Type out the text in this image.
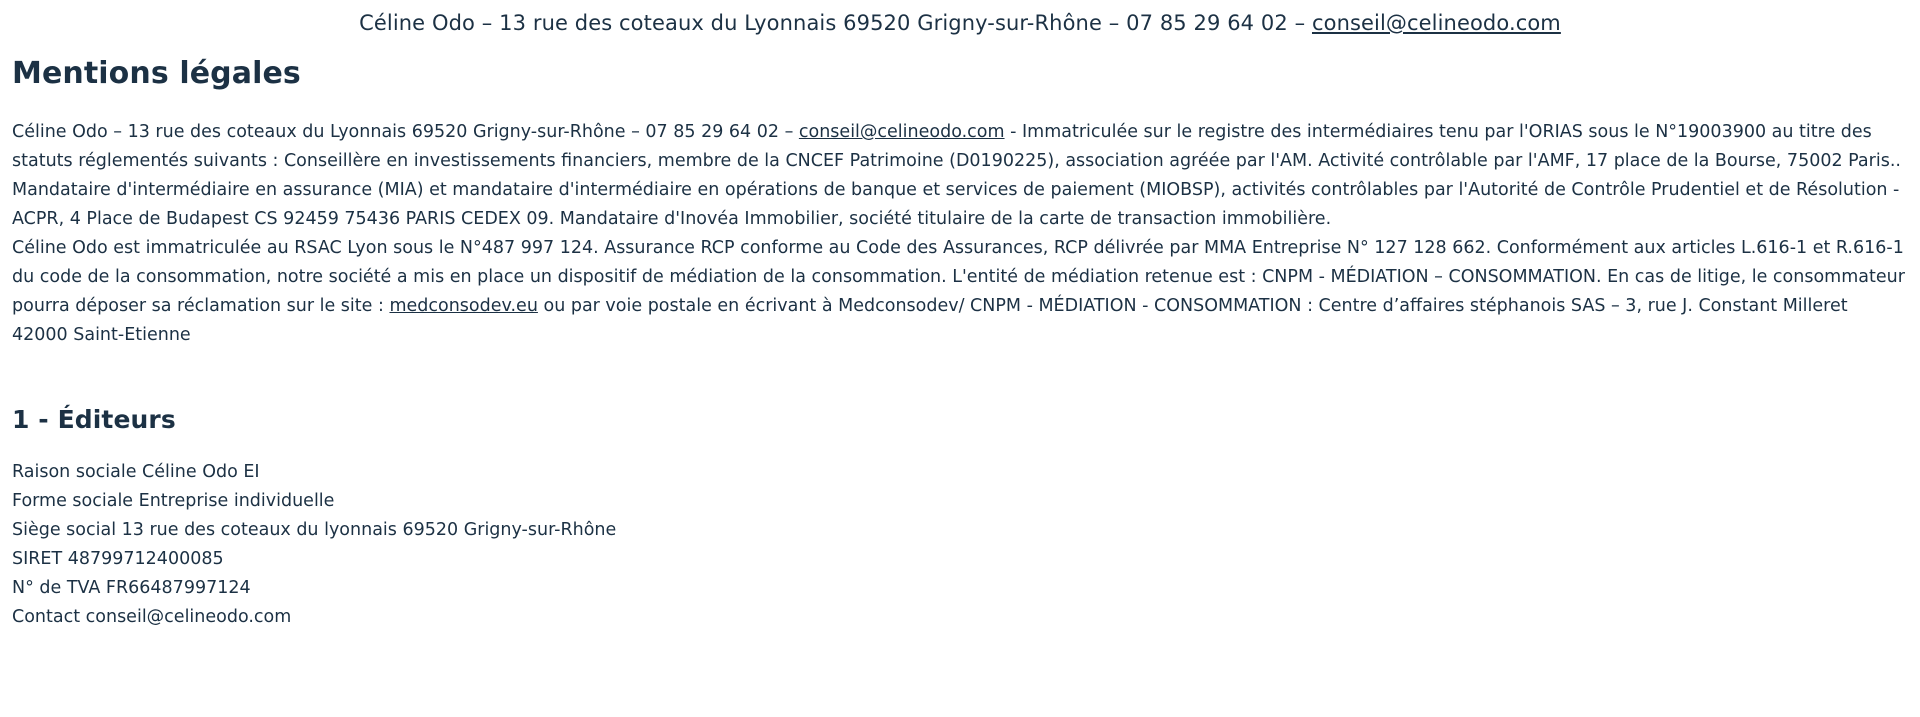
Céline Odo – 13 rue des coteaux du Lyonnais 69520 Grigny-sur-Rhône – 07 85 29 64 02 – conseil@celineodo.com
Mentions légales

Céline Odo – 13 rue des coteaux du Lyonnais 69520 Grigny-sur-Rhône – 07 85 29 64 02 – conseil@celineodo.com - Immatriculée sur le registre des intermédiaires tenu par l'ORIAS sous le N°19003900 au titre des statuts réglementés suivants : Conseillère en investissements financiers, membre de la CNCEF Patrimoine (D0190225), association agréée par l'AM. Activité contrôlable par l'AMF, 17 place de la Bourse, 75002 Paris.. Mandataire d'intermédiaire en assurance (MIA) et mandataire d'intermédiaire en opérations de banque et services de paiement (MIOBSP), activités contrôlables par l'Autorité de Contrôle Prudentiel et de Résolution - ACPR, 4 Place de Budapest CS 92459 75436 PARIS CEDEX 09. Mandataire d'Inovéa Immobilier, société titulaire de la carte de transaction immobilière.

Céline Odo est immatriculée au RSAC Lyon sous le N°487 997 124. Assurance RCP conforme au Code des Assurances, RCP délivrée par MMA Entreprise N° 127 128 662. Conformément aux articles L.616-1 et R.616-1 du code de la consommation, notre société a mis en place un dispositif de médiation de la consommation. L'entité de médiation retenue est : CNPM - MÉDIATION – CONSOMMATION. En cas de litige, le consommateur pourra déposer sa réclamation sur le site : medconsodev.eu ou par voie postale en écrivant à Medconsodev/ CNPM - MÉDIATION - CONSOMMATION : Centre d’affaires stéphanois SAS – 3, rue J. Constant Milleret 42000 Saint-Etienne

1 - Éditeurs
Raison sociale Céline Odo EI
Forme sociale Entreprise individuelle
Siège social 13 rue des coteaux du lyonnais 69520 Grigny-sur-Rhône
SIRET 48799712400085
N° de TVA FR66487997124
Contact conseil@celineodo.com
